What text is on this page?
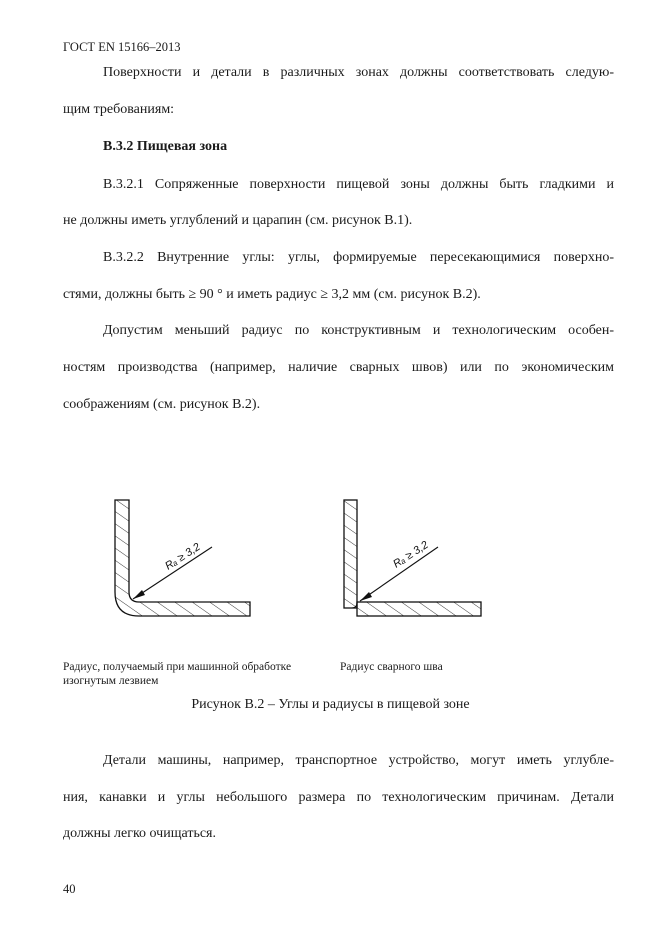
ГОСТ EN 15166–2013
Поверхности и детали в различных зонах должны соответствовать следую-
щим требованиям:
B.3.2 Пищевая зона
B.3.2.1 Сопряженные поверхности пищевой зоны должны быть гладкими и
не должны иметь углублений и царапин (см. рисунок B.1).
B.3.2.2 Внутренние углы: углы, формируемые пересекающимися поверхно-
стями, должны быть ≥ 90 ° и иметь радиус ≥ 3,2 мм (см. рисунок B.2).
Допустим меньший радиус по конструктивным и технологическим особен-
ностям производства (например, наличие сварных швов) или по экономическим
соображениям (см. рисунок B.2).
Rₐ ≥ 3,2	Rₐ ≥ 3,2
Радиус, получаемый при машинной обработке изогнутым лезвием
Радиус сварного шва
Рисунок B.2 – Углы и радиусы в пищевой зоне
Детали машины, например, транспортное устройство, могут иметь углубле-
ния, канавки и углы небольшого размера по технологическим причинам. Детали
должны легко очищаться.
40
